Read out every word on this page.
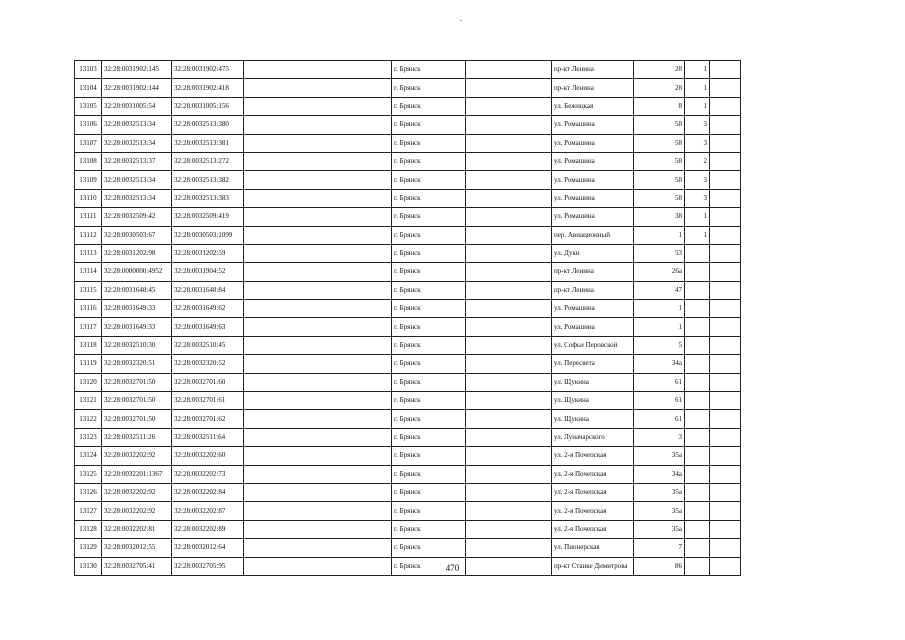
13103	32:28:0031902:145	32:28:0031902:475		г. Брянск		пр-кт Ленина	28	1	
13104	32:28:0031902:144	32:28:0031902:418		г. Брянск		пр-кт Ленина	28	1	
13105	32:28:0031005:54	32:28:0031005:156		г. Брянск		ул. Бежицкая	8	1	
13106	32:28:0032513:34	32:28:0032513:380		г. Брянск		ул. Ромашина	58	3	
13107	32:28:0032513:34	32:28:0032513:381		г. Брянск		ул. Ромашина	58	3	
13108	32:28:0032513:37	32:28:0032513:272		г. Брянск		ул. Ромашина	58	2	
13109	32:28:0032513:34	32:28:0032513:382		г. Брянск		ул. Ромашина	58	3	
13110	32:28:0032513:34	32:28:0032513:383		г. Брянск		ул. Ромашина	58	3	
13111	32:28:0032509:42	32:28:0032509:419		г. Брянск		ул. Ромашина	38	1	
13112	32:28:0030503:67	32:28:0030503:1099		г. Брянск		пер. Авиационный	1	1	
13113	32:28:0031202:98	32:28:0031202:59		г. Брянск		ул. Дуки	53		
13114	32:28:0000000:4952	32:28:0031904:52		г. Брянск		пр-кт Ленина	26а		
13115	32:28:0031648:45	32:28:0031648:84		г. Брянск		пр-кт Ленина	47		
13116	32:28:0031649:33	32:28:0031649:62		г. Брянск		ул. Ромашина	1		
13117	32:28:0031649:33	32:28:0031649:63		г. Брянск		ул. Ромашина	1		
13118	32:28:0032510:30	32:28:0032510:45		г. Брянск		ул. Софьи Перовской	5		
13119	32:28:0032320:51	32:28:0032320:52		г. Брянск		ул. Пересвета	34а		
13120	32:28:0032701:50	32:28:0032701:60		г. Брянск		ул. Щукина	61		
13121	32:28:0032701:50	32:28:0032701:61		г. Брянск		ул. Щукина	61		
13122	32:28:0032701:50	32:28:0032701:62		г. Брянск		ул. Щукина	61		
13123	32:28:0032511:26	32:28:0032511:64		г. Брянск		ул. Луначарского	3		
13124	32:28:0032202:92	32:28:0032202:60		г. Брянск		ул. 2-я Почепская	35а		
13125	32:28:0032201:1367	32:28:0032202:73		г. Брянск		ул. 2-я Почепская	34а		
13126	32:28:0032202:92	32:28:0032202:84		г. Брянск		ул. 2-я Почепская	35а		
13127	32:28:0032202:92	32:28:0032202:87		г. Брянск		ул. 2-я Почепская	35а		
13128	32:28:0032202:81	32:28:0032202:89		г. Брянск		ул. 2-я Почепская	35а		
13129	32:28:0032012:55	32:28:0032012:64		г. Брянск		ул. Пионерская	7		
13130	32:28:0032705:41	32:28:0032705:95		г. Брянск		пр-кт Станке Димитрова	86		
470
